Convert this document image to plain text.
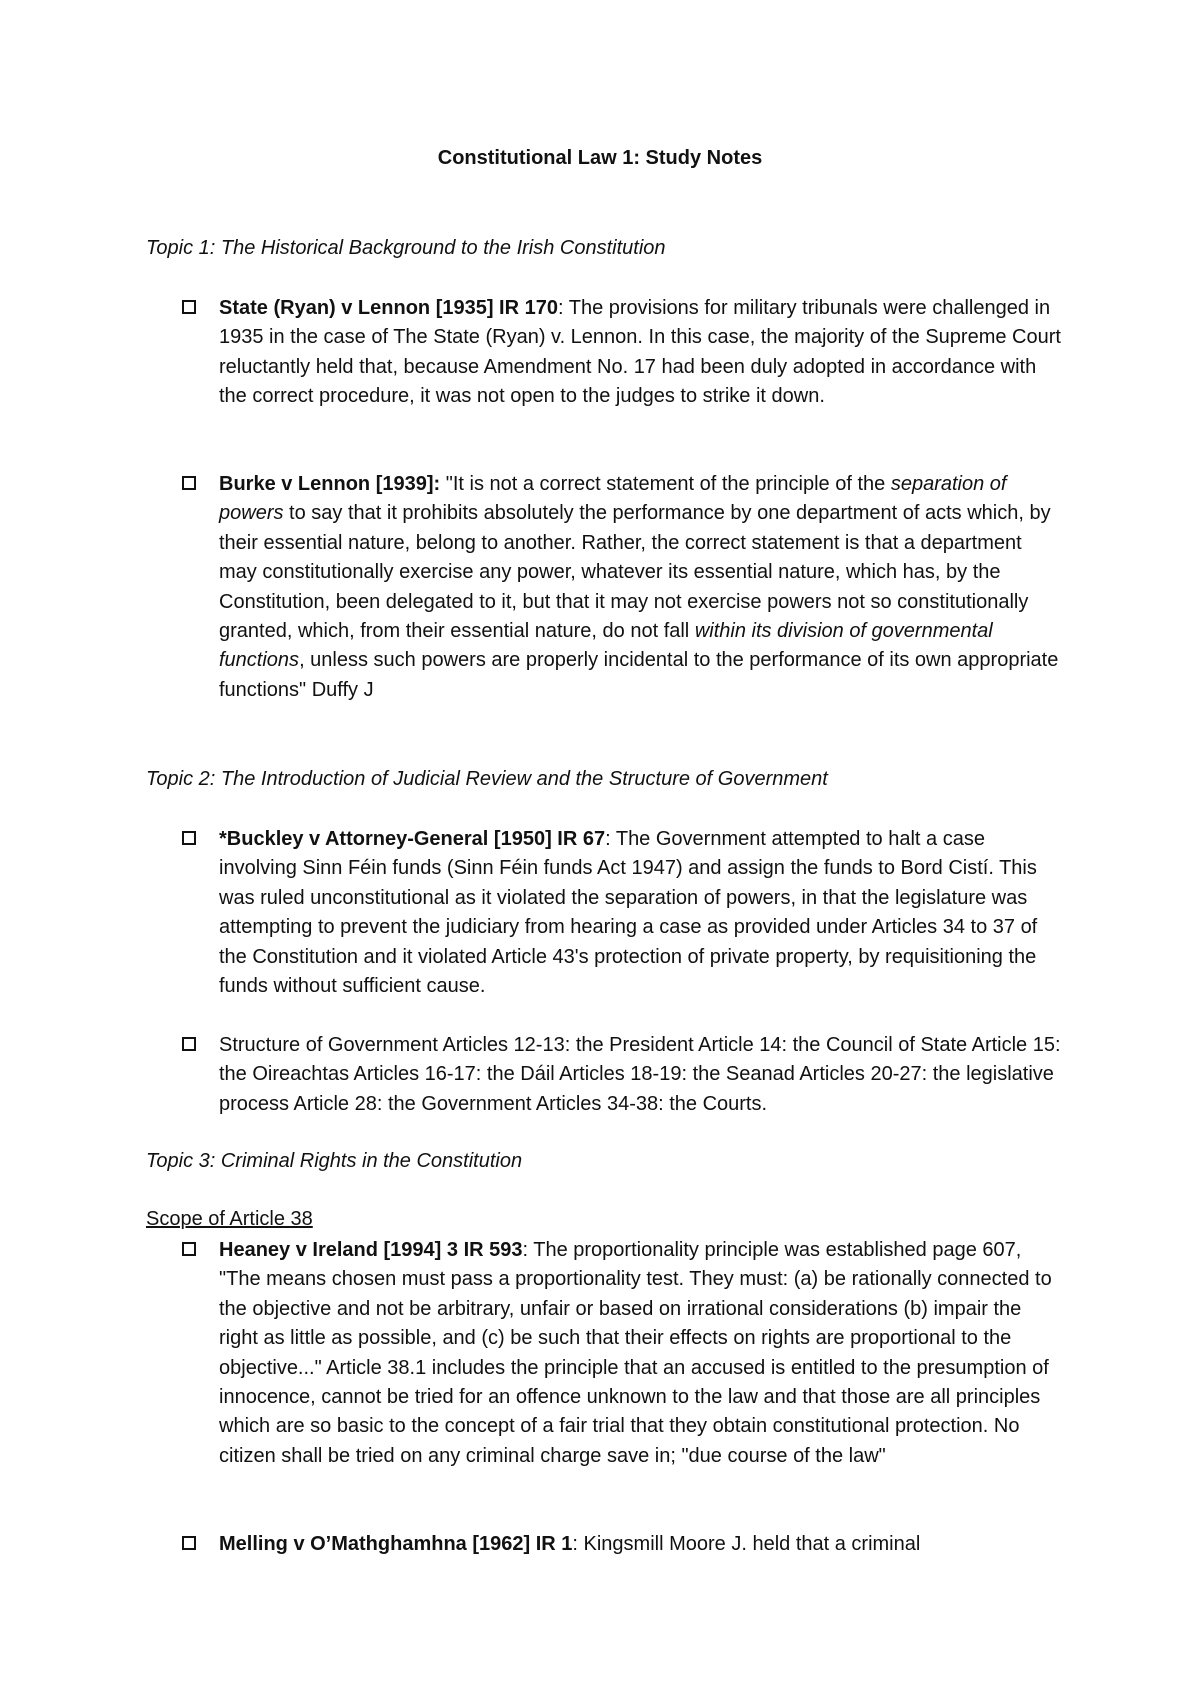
Constitutional Law 1: Study Notes

Topic 1: The Historical Background to the Irish Constitution

State (Ryan) v Lennon [1935] IR 170: The provisions for military tribunals were challenged in 1935 in the case of The State (Ryan) v. Lennon. In this case, the majority of the Supreme Court reluctantly held that, because Amendment No. 17 had been duly adopted in accordance with the correct procedure, it was not open to the judges to strike it down.
Burke v Lennon [1939]: "It is not a correct statement of the principle of the separation of powers to say that it prohibits absolutely the performance by one department of acts which, by their essential nature, belong to another. Rather, the correct statement is that a department may constitutionally exercise any power, whatever its essential nature, which has, by the Constitution, been delegated to it, but that it may not exercise powers not so constitutionally granted, which, from their essential nature, do not fall within its division of governmental functions, unless such powers are properly incidental to the performance of its own appropriate functions" Duffy J

Topic 2: The Introduction of Judicial Review and the Structure of Government

*Buckley v Attorney-General [1950] IR 67: The Government attempted to halt a case involving Sinn Féin funds (Sinn Féin funds Act 1947) and assign the funds to Bord Cistí. This was ruled unconstitutional as it violated the separation of powers, in that the legislature was attempting to prevent the judiciary from hearing a case as provided under Articles 34 to 37 of the Constitution and it violated Article 43's protection of private property, by requisitioning the funds without sufficient cause.
Structure of Government Articles 12-13: the President Article 14: the Council of State Article 15: the Oireachtas Articles 16-17: the Dáil Articles 18-19: the Seanad Articles 20-27: the legislative process Article 28: the Government Articles 34-38: the Courts.

Topic 3: Criminal Rights in the Constitution

Scope of Article 38

Heaney v Ireland [1994] 3 IR 593: The proportionality principle was established page 607, "The means chosen must pass a proportionality test. They must: (a) be rationally connected to the objective and not be arbitrary, unfair or based on irrational considerations (b) impair the right as little as possible, and (c) be such that their effects on rights are proportional to the objective..." Article 38.1 includes the principle that an accused is entitled to the presumption of innocence, cannot be tried for an offence unknown to the law and that those are all principles which are so basic to the concept of a fair trial that they obtain constitutional protection. No citizen shall be tried on any criminal charge save in; "due course of the law"
Melling v O’Mathghamhna [1962] IR 1: Kingsmill Moore J. held that a criminal
